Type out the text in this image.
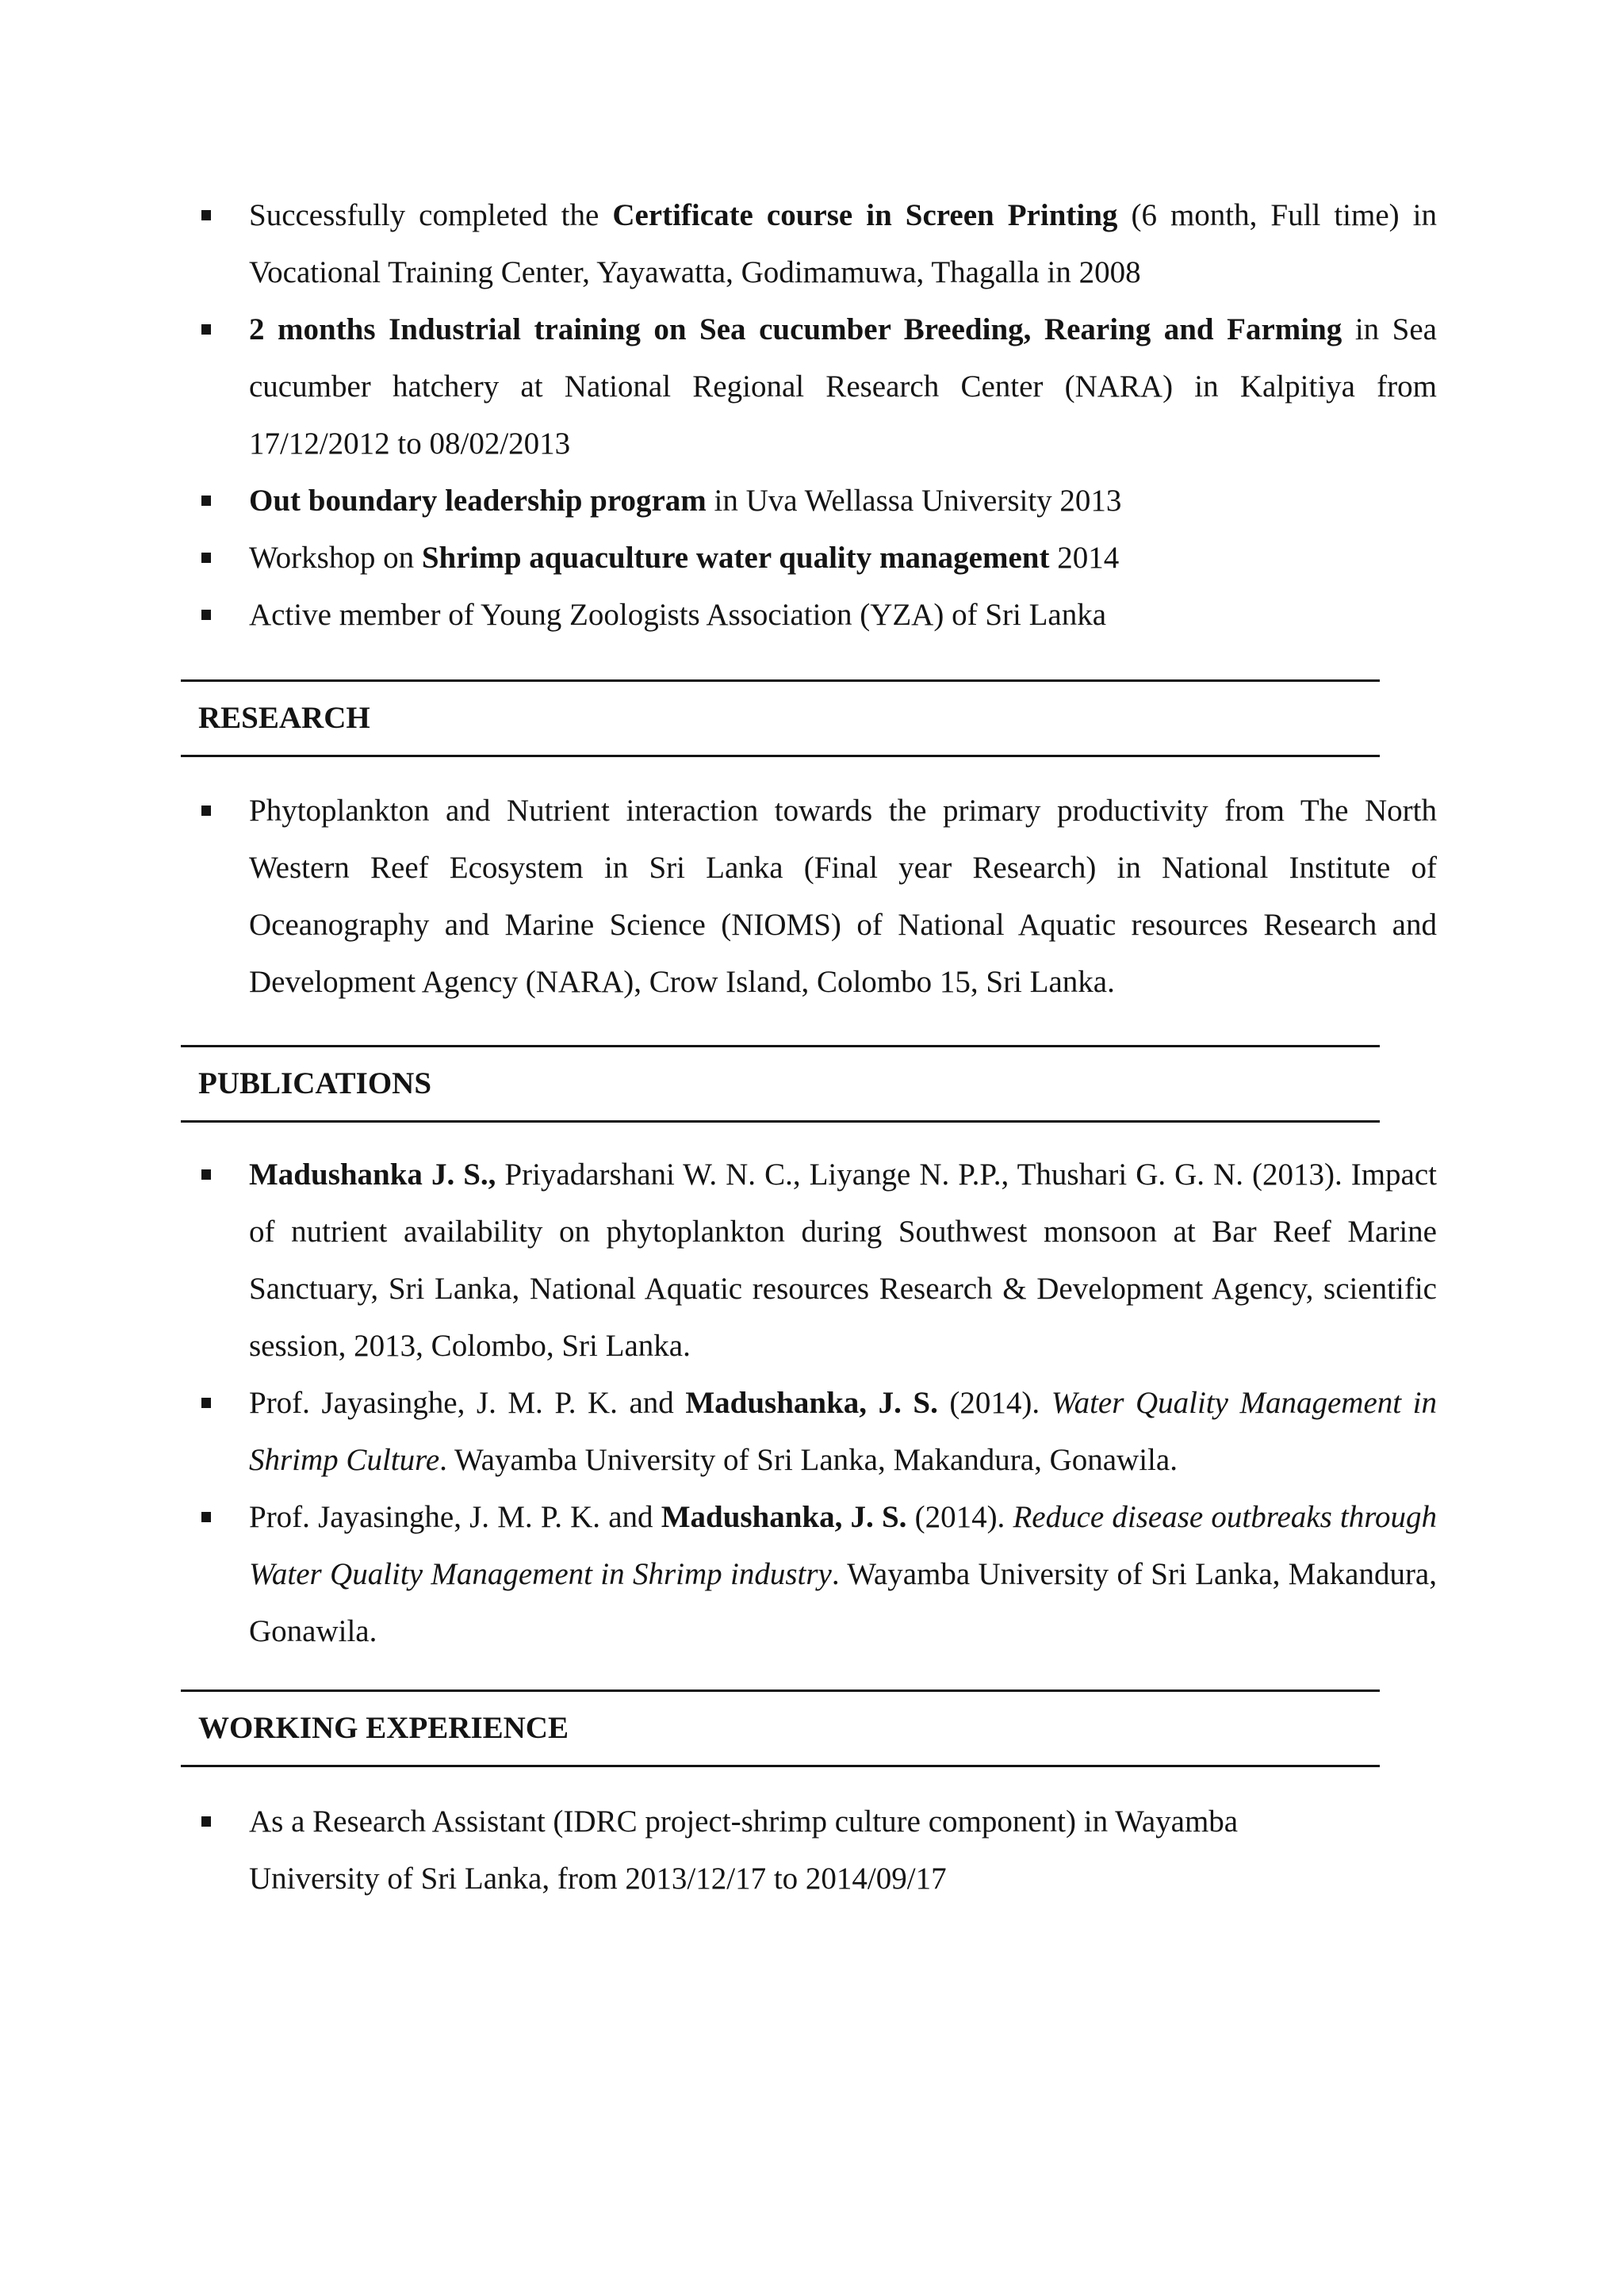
Successfully completed the Certificate course in Screen Printing (6 month, Full time) in Vocational Training Center, Yayawatta, Godimamuwa, Thagalla in 2008
2 months Industrial training on Sea cucumber Breeding, Rearing and Farming in Sea cucumber hatchery at National Regional Research Center (NARA) in Kalpitiya from 17/12/2012 to 08/02/2013
Out boundary leadership program in Uva Wellassa University 2013
Workshop on Shrimp aquaculture water quality management 2014
Active member of Young Zoologists Association (YZA) of Sri Lanka
RESEARCH
Phytoplankton and Nutrient interaction towards the primary productivity from The North Western Reef Ecosystem in Sri Lanka (Final year Research) in National Institute of Oceanography and Marine Science (NIOMS) of National Aquatic resources Research and Development Agency (NARA), Crow Island, Colombo 15, Sri Lanka.
PUBLICATIONS
Madushanka J. S., Priyadarshani W. N. C., Liyange N. P.P., Thushari G. G. N. (2013). Impact of nutrient availability on phytoplankton during Southwest monsoon at Bar Reef Marine Sanctuary, Sri Lanka, National Aquatic resources Research & Development Agency, scientific session, 2013, Colombo, Sri Lanka.
Prof. Jayasinghe, J. M. P. K. and Madushanka, J. S. (2014). Water Quality Management in Shrimp Culture. Wayamba University of Sri Lanka, Makandura, Gonawila.
Prof. Jayasinghe, J. M. P. K. and Madushanka, J. S. (2014). Reduce disease outbreaks through Water Quality Management in Shrimp industry. Wayamba University of Sri Lanka, Makandura, Gonawila.
WORKING EXPERIENCE
As a Research Assistant (IDRC project-shrimp culture component) in Wayamba
University of Sri Lanka, from 2013/12/17 to 2014/09/17
